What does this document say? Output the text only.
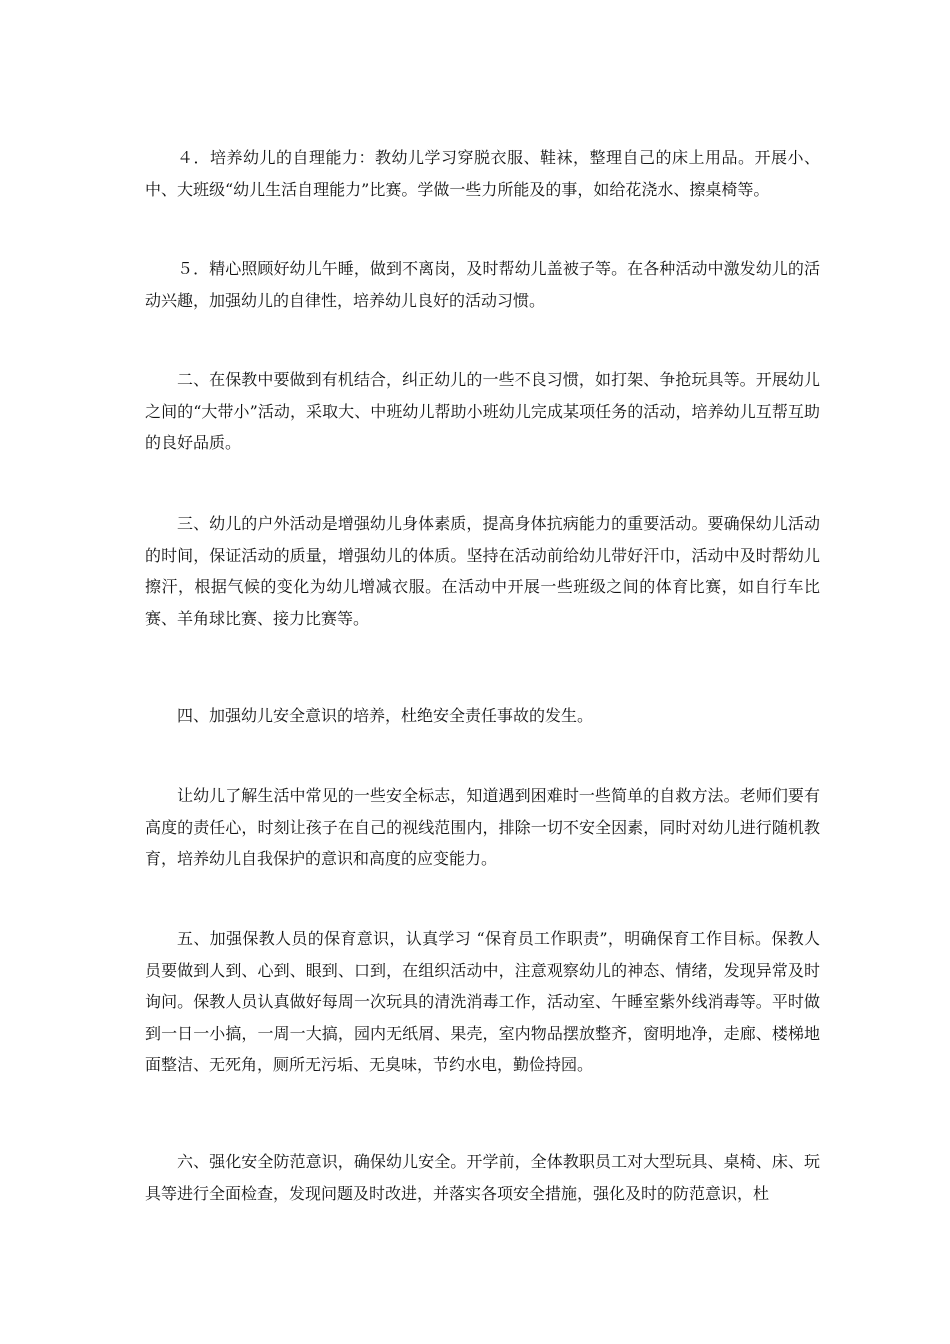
４．培养幼儿的自理能力：教幼儿学习穿脱衣服、鞋袜，整理自己的床上用品。开展小、中、大班级“幼儿生活自理能力”比赛。学做一些力所能及的事，如给花浇水、擦桌椅等。

５．精心照顾好幼儿午睡，做到不离岗，及时帮幼儿盖被子等。在各种活动中激发幼儿的活动兴趣，加强幼儿的自律性，培养幼儿良好的活动习惯。

二、在保教中要做到有机结合，纠正幼儿的一些不良习惯，如打架、争抢玩具等。开展幼儿之间的“大带小”活动，采取大、中班幼儿帮助小班幼儿完成某项任务的活动，培养幼儿互帮互助的良好品质。

三、幼儿的户外活动是增强幼儿身体素质，提高身体抗病能力的重要活动。要确保幼儿活动的时间，保证活动的质量，增强幼儿的体质。坚持在活动前给幼儿带好汗巾，活动中及时帮幼儿擦汗，根据气候的变化为幼儿增减衣服。在活动中开展一些班级之间的体育比赛，如自行车比赛、羊角球比赛、接力比赛等。

四、加强幼儿安全意识的培养，杜绝安全责任事故的发生。

让幼儿了解生活中常见的一些安全标志，知道遇到困难时一些简单的自救方法。老师们要有高度的责任心，时刻让孩子在自己的视线范围内，排除一切不安全因素，同时对幼儿进行随机教育，培养幼儿自我保护的意识和高度的应变能力。

五、加强保教人员的保育意识，认真学习 “保育员工作职责”，明确保育工作目标。保教人员要做到人到、心到、眼到、口到，在组织活动中，注意观察幼儿的神态、情绪，发现异常及时询问。保教人员认真做好每周一次玩具的清洗消毒工作，活动室、午睡室紫外线消毒等。平时做到一日一小搞，一周一大搞，园内无纸屑、果壳，室内物品摆放整齐，窗明地净，走廊、楼梯地面整洁、无死角，厕所无污垢、无臭味，节约水电，勤俭持园。

六、强化安全防范意识，确保幼儿安全。开学前，全体教职员工对大型玩具、桌椅、床、玩具等进行全面检查，发现问题及时改进，并落实各项安全措施，强化及时的防范意识，杜
